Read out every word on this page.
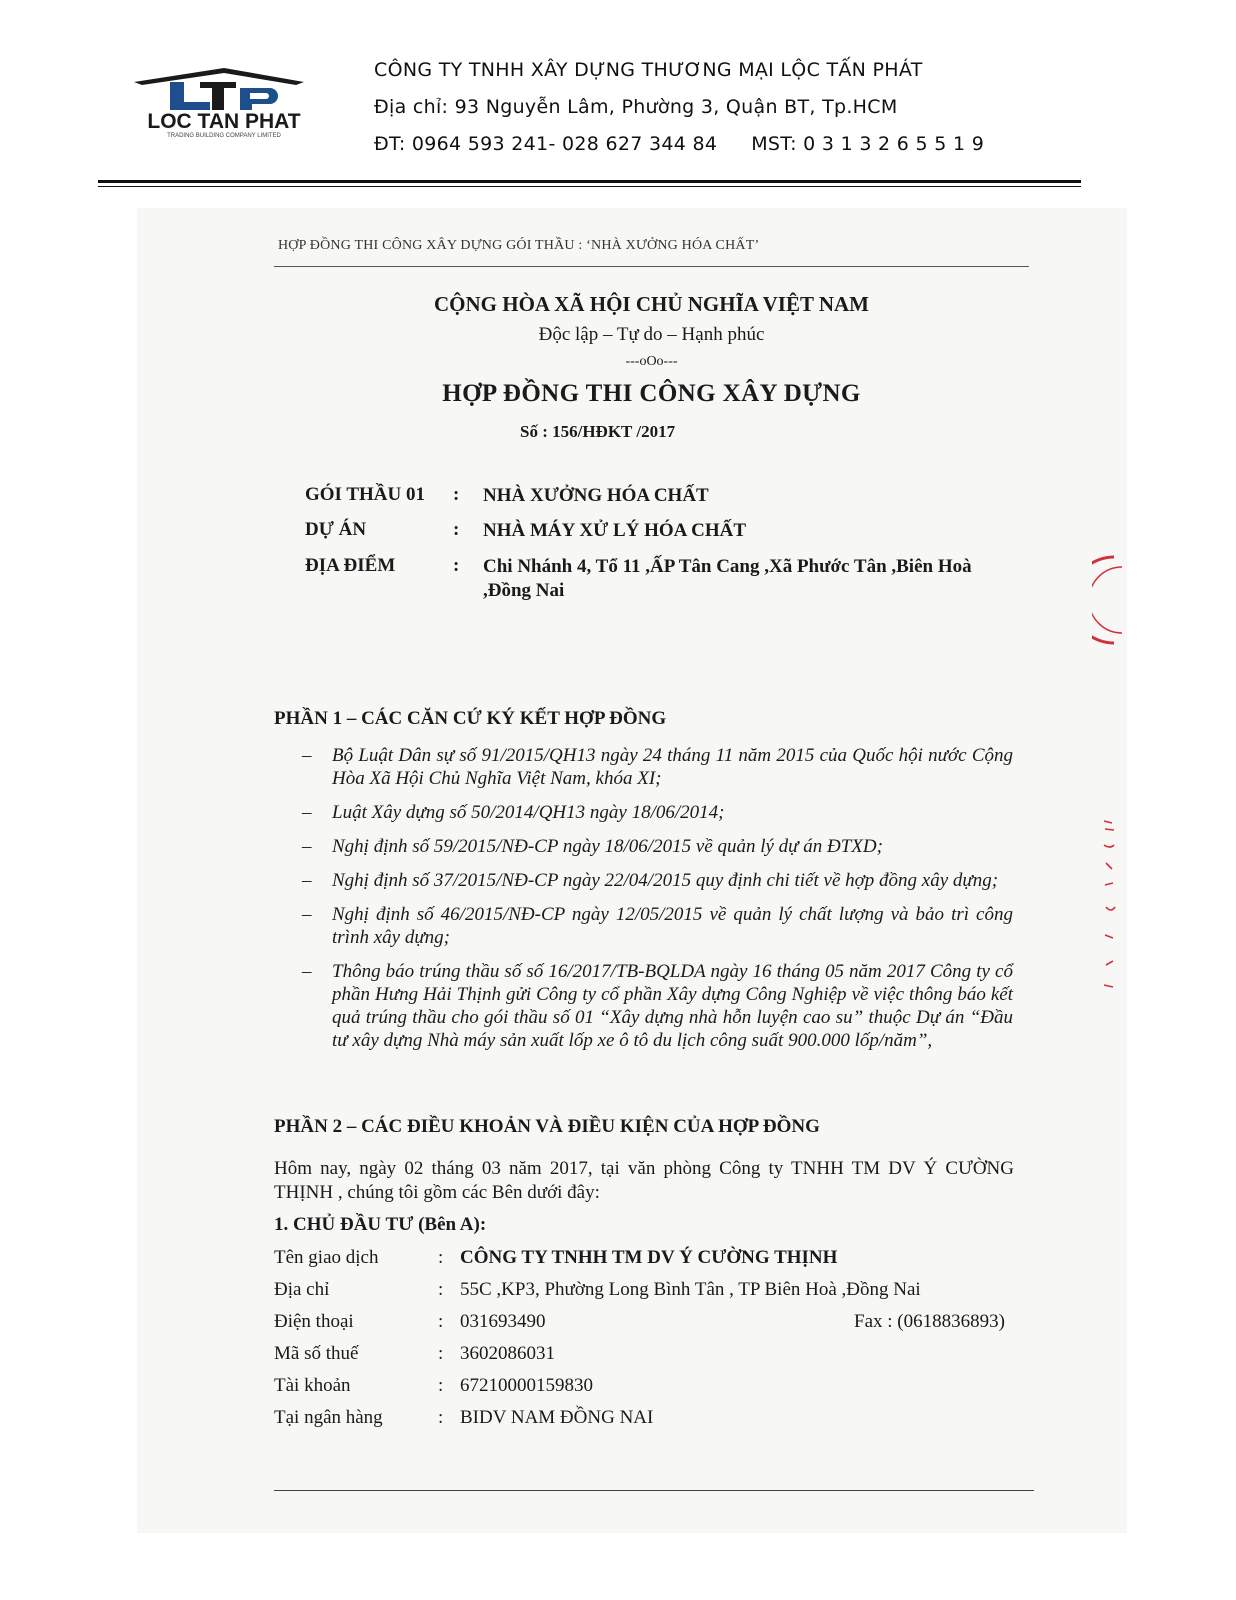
LOC TAN PHAT
TRADING BUILDING COMPANY LIMITED
CÔNG TY TNHH XÂY DỰNG THƯƠNG MẠI LỘC TẤN PHÁT
Địa chỉ: 93 Nguyễn Lâm, Phường 3, Quận BT, Tp.HCM
ĐT: 0964 593 241- 028 627 344 84 MST: 0 3 1 3 2 6 5 5 1 9
HỢP ĐỒNG THI CÔNG XÂY DỰNG GÓI THẦU : ‘NHÀ XƯỞNG HÓA CHẤT’
CỘNG HÒA XÃ HỘI CHỦ NGHĨA VIỆT NAM
Độc lập – Tự do – Hạnh phúc
---oOo---
HỢP ĐỒNG THI CÔNG XÂY DỰNG
Số : 156/HĐKT /2017
GÓI THẦU 01 : NHÀ XƯỞNG HÓA CHẤT
DỰ ÁN	: NHÀ MÁY XỬ LÝ HÓA CHẤT
ĐỊA ĐIỂM	: Chi Nhánh 4, Tổ 11 ,ẤP Tân Cang ,Xã Phước Tân ,Biên Hoà ,Đồng Nai
PHẦN 1 – CÁC CĂN CỨ KÝ KẾT HỢP ĐỒNG
– Bộ Luật Dân sự số 91/2015/QH13 ngày 24 tháng 11 năm 2015 của Quốc hội nước Cộng Hòa Xã Hội Chủ Nghĩa Việt Nam, khóa XI;
– Luật Xây dựng số 50/2014/QH13 ngày 18/06/2014;
– Nghị định số 59/2015/NĐ-CP ngày 18/06/2015 về quản lý dự án ĐTXD;
– Nghị định số 37/2015/NĐ-CP ngày 22/04/2015 quy định chi tiết về hợp đồng xây dựng;
– Nghị định số 46/2015/NĐ-CP ngày 12/05/2015 về quản lý chất lượng và bảo trì công trình xây dựng;
– Thông báo trúng thầu số số 16/2017/TB-BQLDA ngày 16 tháng 05 năm 2017 Công ty cổ phần Hưng Hải Thịnh gửi Công ty cổ phần Xây dựng Công Nghiệp về việc thông báo kết quả trúng thầu cho gói thầu số 01 “Xây dựng nhà hỗn luyện cao su” thuộc Dự án “Đầu tư xây dựng Nhà máy sản xuất lốp xe ô tô du lịch công suất 900.000 lốp/năm”,
PHẦN 2 – CÁC ĐIỀU KHOẢN VÀ ĐIỀU KIỆN CỦA HỢP ĐỒNG
Hôm nay, ngày 02 tháng 03 năm 2017, tại văn phòng Công ty TNHH TM DV Ý CƯỜNG THỊNH , chúng tôi gồm các Bên dưới đây:
1. CHỦ ĐẦU TƯ (Bên A):
Tên giao dịch	: CÔNG TY TNHH TM DV Ý CƯỜNG THỊNH
Địa chỉ	: 55C ,KP3, Phường Long Bình Tân , TP Biên Hoà ,Đồng Nai
Điện thoại	: 031693490	Fax : (0618836893)
Mã số thuế	: 3602086031
Tài khoản	: 67210000159830
Tại ngân hàng	: BIDV NAM ĐỒNG NAI
